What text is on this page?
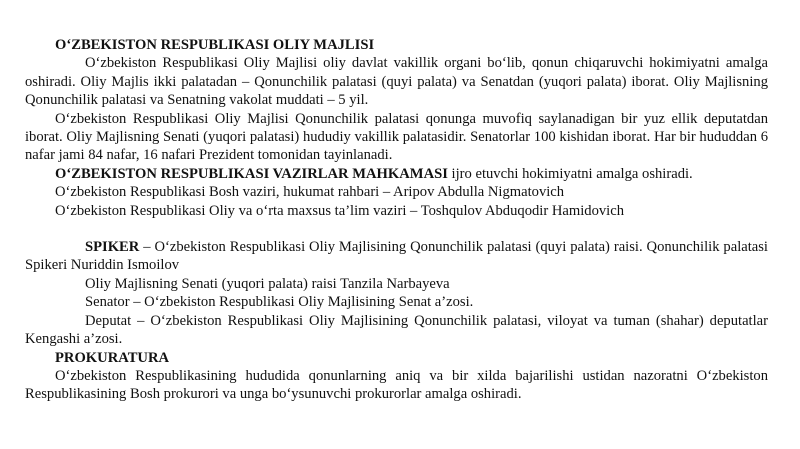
O‘ZBEKISTON RESPUBLIKASI OLIY MAJLISI

O‘zbekiston Respublikasi Oliy Majlisi oliy davlat vakillik organi bo‘lib, qonun chiqaruvchi hokimiyatni amalga oshiradi. Oliy Majlis ikki palatadan – Qonunchilik palatasi (quyi palata) va Senatdan (yuqori palata) iborat. Oliy Majlisning Qonunchilik palatasi va Senatning vakolat muddati – 5 yil.

O‘zbekiston Respublikasi Oliy Majlisi Qonunchilik palatasi qonunga muvofiq saylanadigan bir yuz ellik deputatdan iborat. Oliy Majlisning Senati (yuqori palatasi) hududiy vakillik palatasidir. Senatorlar 100 kishidan iborat. Har bir hududdan 6 nafar jami 84 nafar, 16 nafari Prezident tomonidan tayinlanadi.

O‘ZBEKISTON RESPUBLIKASI VAZIRLAR MAHKAMASI ijro etuvchi hokimiyatni amalga oshiradi.

O‘zbekiston Respublikasi Bosh vaziri, hukumat rahbari – Aripov Abdulla Nigmatovich

O‘zbekiston Respublikasi Oliy va o‘rta maxsus ta’lim vaziri – Toshqulov Abduqodir Hamidovich

SPIKER – O‘zbekiston Respublikasi Oliy Majlisining Qonunchilik palatasi (quyi palata) raisi. Qonunchilik palatasi Spikeri Nuriddin Ismoilov

Oliy Majlisning Senati (yuqori palata) raisi Tanzila Narbayeva

Senator – O‘zbekiston Respublikasi Oliy Majlisining Senat a’zosi.

Deputat – O‘zbekiston Respublikasi Oliy Majlisining Qonunchilik palatasi, viloyat va tuman (shahar) deputatlar Kengashi a’zosi.

PROKURATURA

O‘zbekiston Respublikasining hududida qonunlarning aniq va bir xilda bajarilishi ustidan nazoratni O‘zbekiston Respublikasining Bosh prokurori va unga bo‘ysunuvchi prokurorlar amalga oshiradi.
